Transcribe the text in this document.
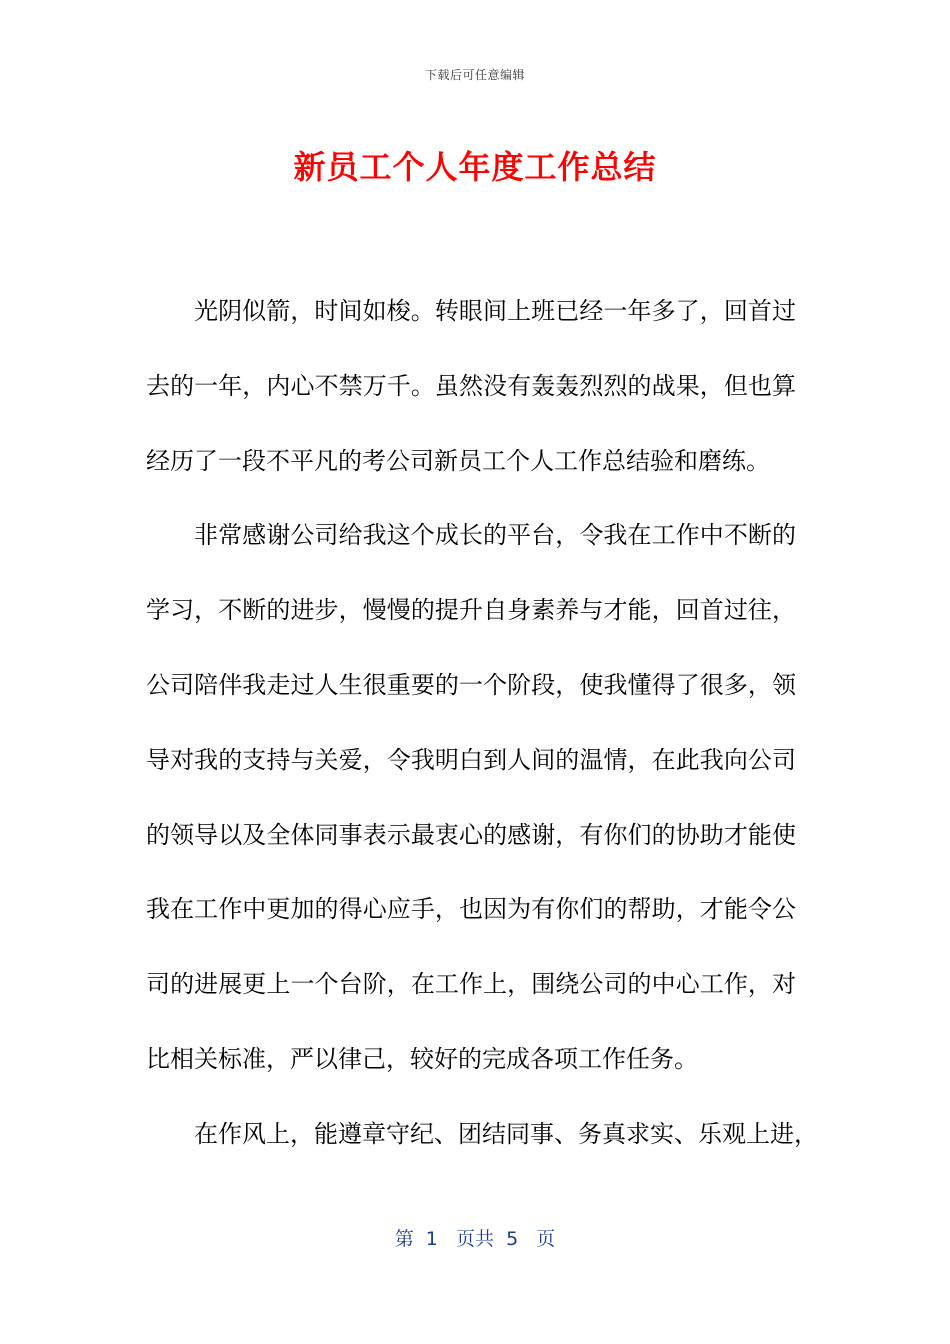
下载后可任意编辑
新员工个人年度工作总结
光阴似箭，时间如梭。转眼间上班已经一年多了，回首过
去的一年，内心不禁万千。虽然没有轰轰烈烈的战果，但也算
经历了一段不平凡的考公司新员工个人工作总结验和磨练。
非常感谢公司给我这个成长的平台，令我在工作中不断的
学习，不断的进步，慢慢的提升自身素养与才能，回首过往，
公司陪伴我走过人生很重要的一个阶段，使我懂得了很多，领
导对我的支持与关爱，令我明白到人间的温情，在此我向公司
的领导以及全体同事表示最衷心的感谢，有你们的协助才能使
我在工作中更加的得心应手，也因为有你们的帮助，才能令公
司的进展更上一个台阶，在工作上，围绕公司的中心工作，对
比相关标准，严以律己，较好的完成各项工作任务。
在作风上，能遵章守纪、团结同事、务真求实、乐观上进，
第  1   页共  5   页
